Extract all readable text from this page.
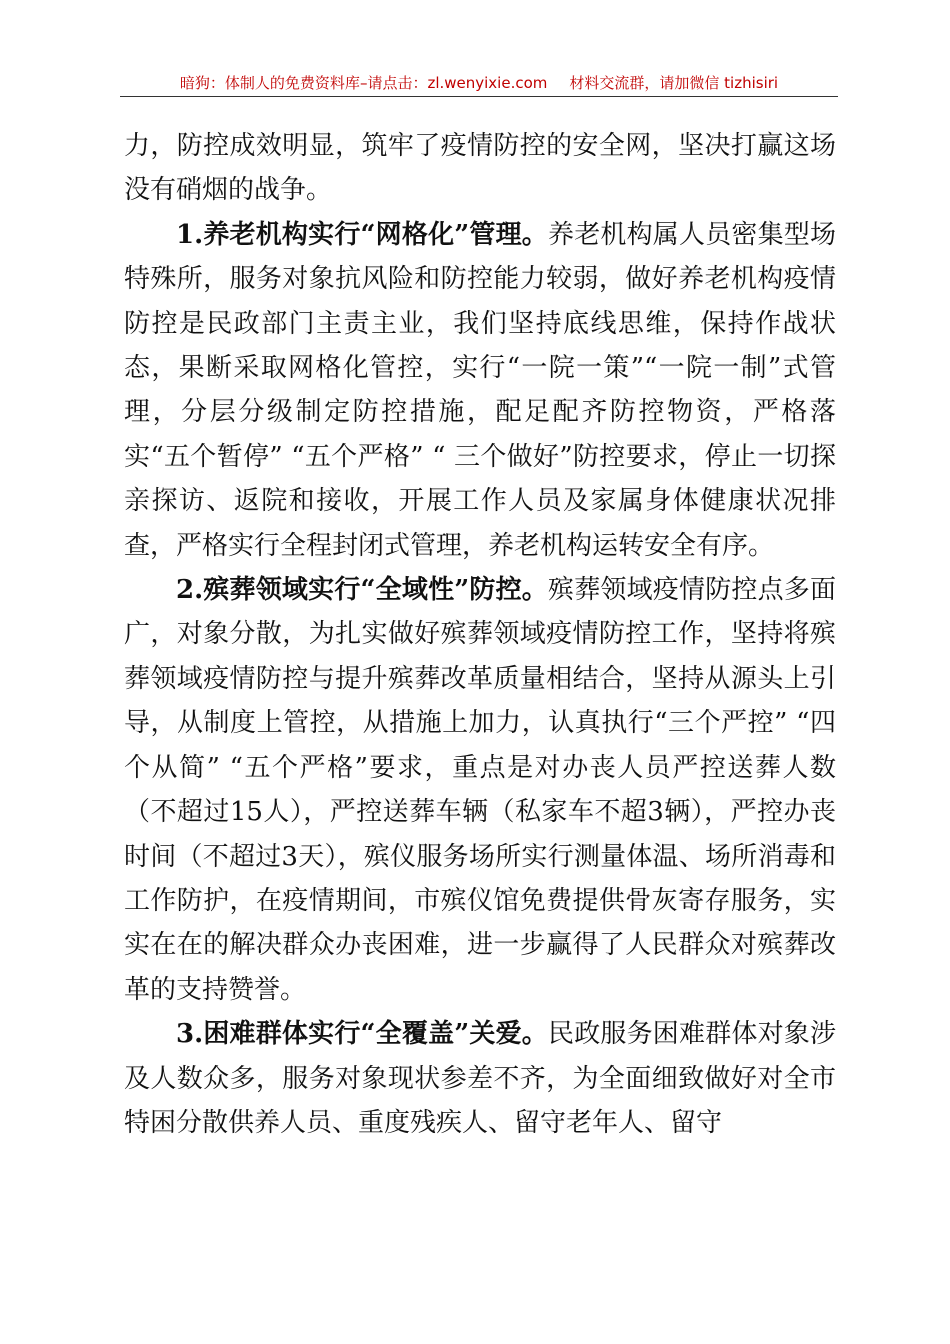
暗狗：体制人的免费资料库–请点击：zl.wenyixie.com 材料交流群，请加微信 tizhisiri

力，防控成效明显，筑牢了疫情防控的安全网，坚决打赢这场没有硝烟的战争。

1.养老机构实行“网格化”管理。养老机构属人员密集型场特殊所，服务对象抗风险和防控能力较弱，做好养老机构疫情防控是民政部门主责主业，我们坚持底线思维，保持作战状态，果断采取网格化管控，实行“一院一策”“一院一制”式管理，分层分级制定防控措施，配足配齐防控物资，严格落实“五个暂停” “五个严格” “ 三个做好”防控要求，停止一切探亲探访、返院和接收，开展工作人员及家属身体健康状况排查，严格实行全程封闭式管理，养老机构运转安全有序。

2.殡葬领域实行“全域性”防控。殡葬领域疫情防控点多面广，对象分散，为扎实做好殡葬领域疫情防控工作，坚持将殡葬领域疫情防控与提升殡葬改革质量相结合，坚持从源头上引导，从制度上管控，从措施上加力，认真执行“三个严控” “四个从简” “五个严格”要求，重点是对办丧人员严控送葬人数（不超过15人），严控送葬车辆（私家车不超3辆），严控办丧时间（不超过3天），殡仪服务场所实行测量体温、场所消毒和工作防护，在疫情期间，市殡仪馆免费提供骨灰寄存服务，实实在在的解决群众办丧困难，进一步赢得了人民群众对殡葬改革的支持赞誉。

3.困难群体实行“全覆盖”关爱。民政服务困难群体对象涉及人数众多，服务对象现状参差不齐，为全面细致做好对全市特困分散供养人员、重度残疾人、留守老年人、留守
